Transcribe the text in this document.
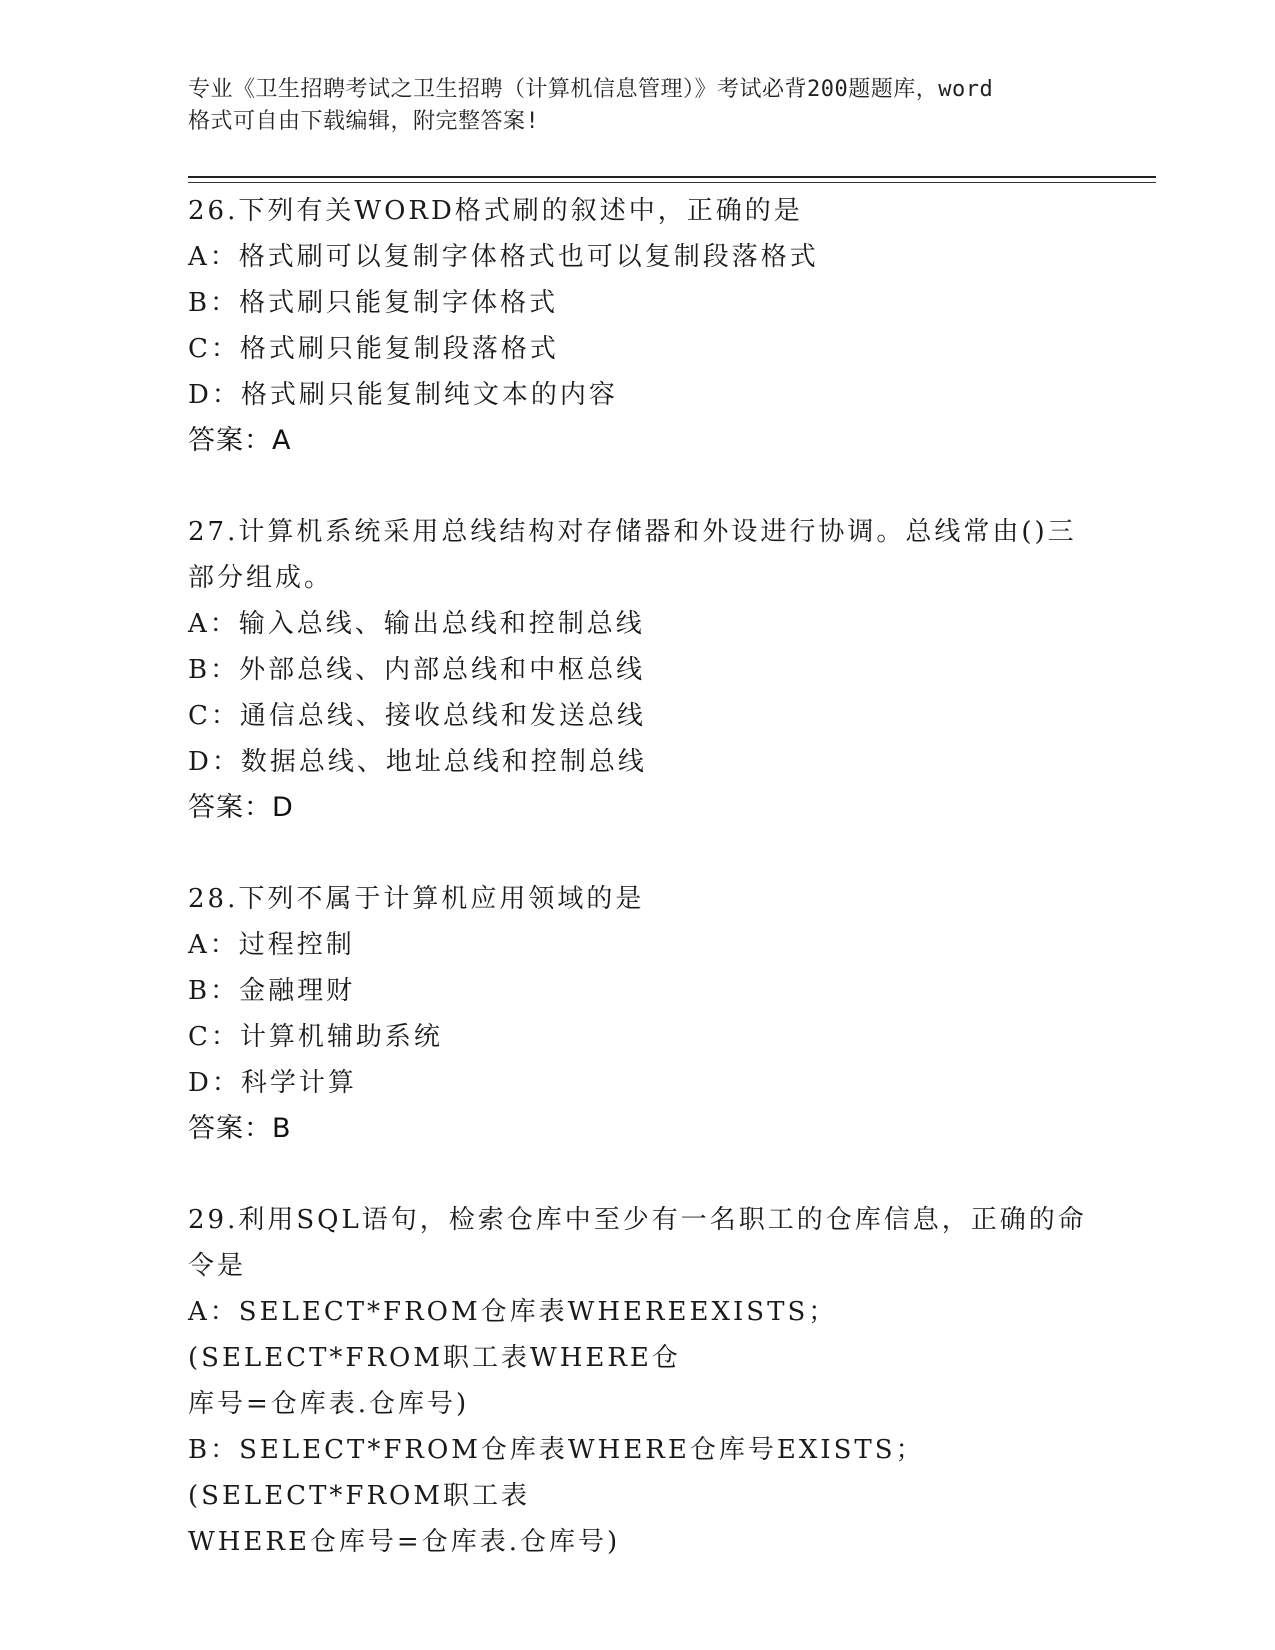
专业《卫生招聘考试之卫生招聘（计算机信息管理）》考试必背200题题库，word
格式可自由下载编辑，附完整答案!
26.下列有关WORD格式刷的叙述中，正确的是
A：格式刷可以复制字体格式也可以复制段落格式
B：格式刷只能复制字体格式
C：格式刷只能复制段落格式
D：格式刷只能复制纯文本的内容
答案：A
27.计算机系统采用总线结构对存储器和外设进行协调。总线常由()三
部分组成。
A：输入总线、输出总线和控制总线
B：外部总线、内部总线和中枢总线
C：通信总线、接收总线和发送总线
D：数据总线、地址总线和控制总线
答案：D
28.下列不属于计算机应用领域的是
A：过程控制
B：金融理财
C：计算机辅助系统
D：科学计算
答案：B
29.利用SQL语句，检索仓库中至少有一名职工的仓库信息，正确的命
令是
A：SELECT*FROM仓库表WHEREEXISTS；(SELECT*FROM职工表WHERE仓
库号=仓库表.仓库号)
B：SELECT*FROM仓库表WHERE仓库号EXISTS；(SELECT*FROM职工表
WHERE仓库号=仓库表.仓库号)
